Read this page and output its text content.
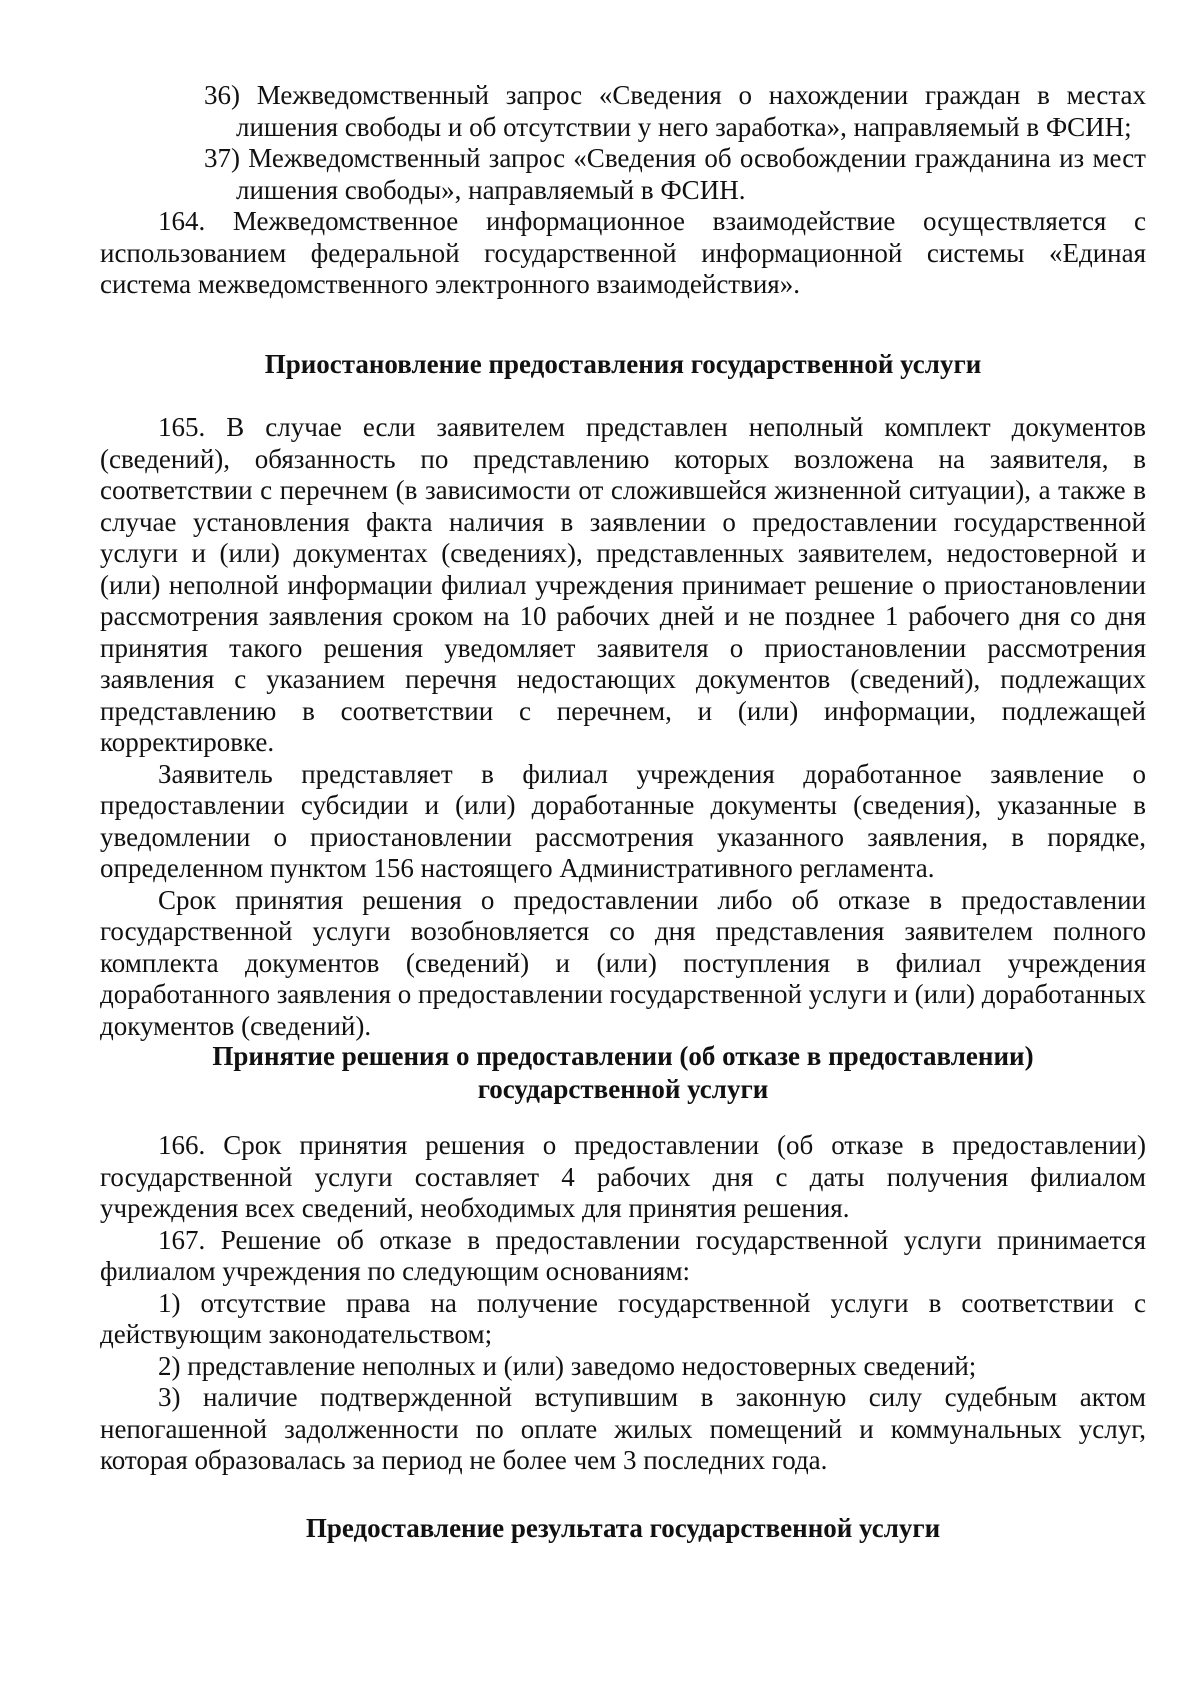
36) Межведомственный запрос «Сведения о нахождении граждан в местах лишения свободы и об отсутствии у него заработка», направляемый в ФСИН;

37) Межведомственный запрос «Сведения об освобождении гражданина из мест лишения свободы», направляемый в ФСИН.

164. Межведомственное информационное взаимодействие осуществляется с использованием федеральной государственной информационной системы «Единая система межведомственного электронного взаимодействия».

Приостановление предоставления государственной услуги

165. В случае если заявителем представлен неполный комплект документов (сведений), обязанность по представлению которых возложена на заявителя, в соответствии с перечнем (в зависимости от сложившейся жизненной ситуации), а также в случае установления факта наличия в заявлении о предоставлении государственной услуги и (или) документах (сведениях), представленных заявителем, недостоверной и (или) неполной информации филиал учреждения принимает решение о приостановлении рассмотрения заявления сроком на 10 рабочих дней и не позднее 1 рабочего дня со дня принятия такого решения уведомляет заявителя о приостановлении рассмотрения заявления с указанием перечня недостающих документов (сведений), подлежащих представлению в соответствии с перечнем, и (или) информации, подлежащей корректировке.

Заявитель представляет в филиал учреждения доработанное заявление о предоставлении субсидии и (или) доработанные документы (сведения), указанные в уведомлении о приостановлении рассмотрения указанного заявления, в порядке, определенном пунктом 156 настоящего Административного регламента.

Срок принятия решения о предоставлении либо об отказе в предоставлении государственной услуги возобновляется со дня представления заявителем полного комплекта документов (сведений) и (или) поступления в филиал учреждения доработанного заявления о предоставлении государственной услуги и (или) доработанных документов (сведений).

Принятие решения о предоставлении (об отказе в предоставлении)
государственной услуги

166. Срок принятия решения о предоставлении (об отказе в предоставлении) государственной услуги составляет 4 рабочих дня с даты получения филиалом учреждения всех сведений, необходимых для принятия решения.

167. Решение об отказе в предоставлении государственной услуги принимается филиалом учреждения по следующим основаниям:

1) отсутствие права на получение государственной услуги в соответствии с действующим законодательством;

2) представление неполных и (или) заведомо недостоверных сведений;

3) наличие подтвержденной вступившим в законную силу судебным актом непогашенной задолженности по оплате жилых помещений и коммунальных услуг, которая образовалась за период не более чем 3 последних года.

Предоставление результата государственной услуги
